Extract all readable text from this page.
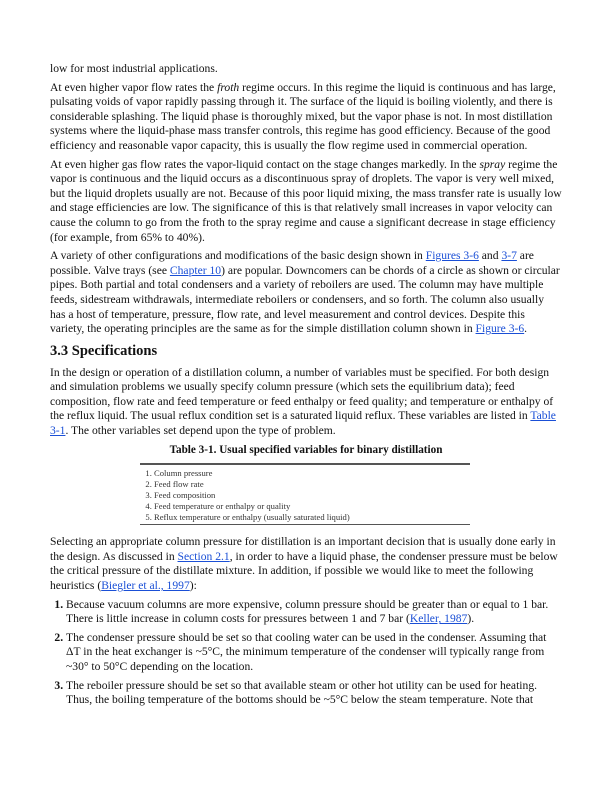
low for most industrial applications.

At even higher vapor flow rates the froth regime occurs. In this regime the liquid is continuous and has large, pulsating voids of vapor rapidly passing through it. The surface of the liquid is boiling violently, and there is considerable splashing. The liquid phase is thoroughly mixed, but the vapor phase is not. In most distillation systems where the liquid-phase mass transfer controls, this regime has good efficiency. Because of the good efficiency and reasonable vapor capacity, this is usually the flow regime used in commercial operation.

At even higher gas flow rates the vapor-liquid contact on the stage changes markedly. In the spray regime the vapor is continuous and the liquid occurs as a discontinuous spray of droplets. The vapor is very well mixed, but the liquid droplets usually are not. Because of this poor liquid mixing, the mass transfer rate is usually low and stage efficiencies are low. The significance of this is that relatively small increases in vapor velocity can cause the column to go from the froth to the spray regime and cause a significant decrease in stage efficiency (for example, from 65% to 40%).

A variety of other configurations and modifications of the basic design shown in Figures 3-6 and 3-7 are possible. Valve trays (see Chapter 10) are popular. Downcomers can be chords of a circle as shown or circular pipes. Both partial and total condensers and a variety of reboilers are used. The column may have multiple feeds, sidestream withdrawals, intermediate reboilers or condensers, and so forth. The column also usually has a host of temperature, pressure, flow rate, and level measurement and control devices. Despite this variety, the operating principles are the same as for the simple distillation column shown in Figure 3-6.

3.3 Specifications

In the design or operation of a distillation column, a number of variables must be specified. For both design and simulation problems we usually specify column pressure (which sets the equilibrium data); feed composition, flow rate and feed temperature or feed enthalpy or feed quality; and temperature or enthalpy of the reflux liquid. The usual reflux condition set is a saturated liquid reflux. These variables are listed in Table 3-1. The other variables set depend upon the type of problem.

Table 3-1. Usual specified variables for binary distillation
1. Column pressure
2. Feed flow rate
3. Feed composition
4. Feed temperature or enthalpy or quality
5. Reflux temperature or enthalpy (usually saturated liquid)

Selecting an appropriate column pressure for distillation is an important decision that is usually done early in the design. As discussed in Section 2.1, in order to have a liquid phase, the condenser pressure must be below the critical pressure of the distillate mixture. In addition, if possible we would like to meet the following heuristics (Biegler et al., 1997):

1. Because vacuum columns are more expensive, column pressure should be greater than or equal to 1 bar. There is little increase in column costs for pressures between 1 and 7 bar (Keller, 1987).
2. The condenser pressure should be set so that cooling water can be used in the condenser. Assuming that ΔT in the heat exchanger is ~5°C, the minimum temperature of the condenser will typically range from ~30° to 50°C depending on the location.
3. The reboiler pressure should be set so that available steam or other hot utility can be used for heating. Thus, the boiling temperature of the bottoms should be ~5°C below the steam temperature. Note that
